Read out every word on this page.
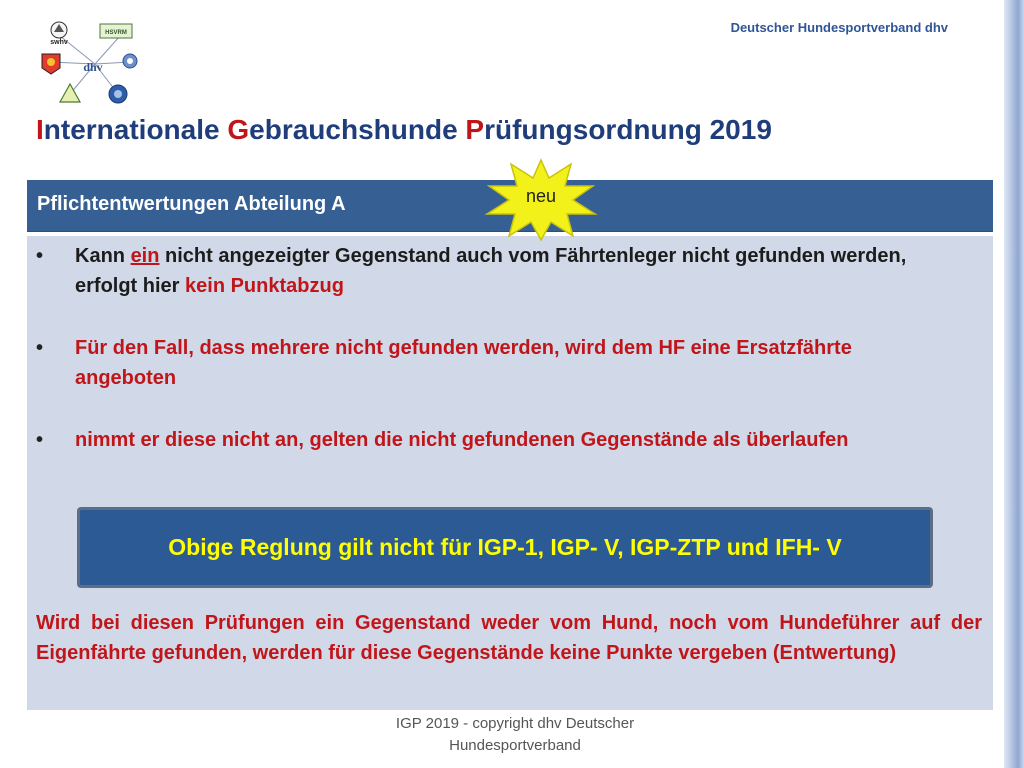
Deutscher Hundesportverband dhv
swhv
HSVRM
dhv
Internationale Gebrauchshunde Prüfungsordnung 2019
Pflichtentwertungen Abteilung A	neu
• Kann ein nicht angezeigter Gegenstand auch vom Fährtenleger nicht gefunden werden, erfolgt hier kein Punktabzug
• Für den Fall, dass mehrere nicht gefunden werden, wird dem HF eine Ersatzfährte angeboten
• nimmt er diese nicht an, gelten die nicht gefundenen Gegenstände als überlaufen
Obige Reglung gilt nicht für IGP-1, IGP- V, IGP-ZTP und IFH- V

Wird bei diesen Prüfungen ein Gegenstand weder vom Hund, noch vom Hundeführer auf der Eigenfährte gefunden, werden für diese Gegenstände keine Punkte vergeben (Entwertung)

IGP 2019 - copyright dhv Deutscher
Hundesportverband
